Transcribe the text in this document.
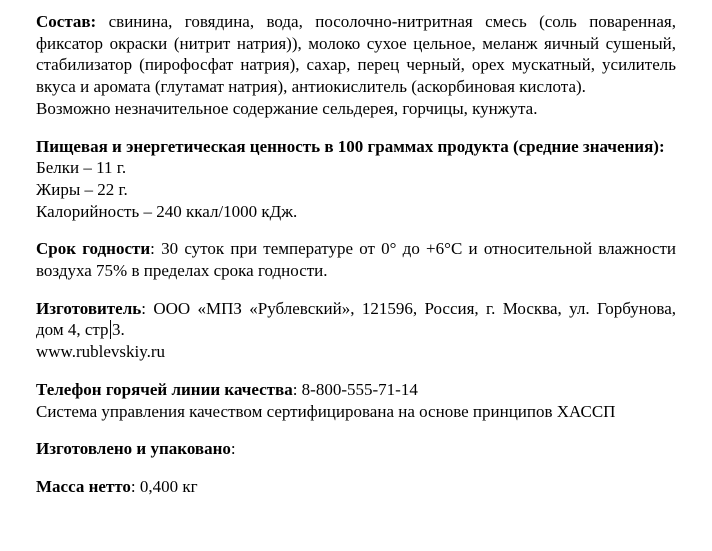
Состав: свинина, говядина, вода, посолочно-нитритная смесь (соль поваренная, фиксатор окраски (нитрит натрия)), молоко сухое цельное, меланж яичный сушеный, стабилизатор (пирофосфат натрия), сахар, перец черный, орех мускатный, усилитель вкуса и аромата (глутамат натрия), антиокислитель (аскорбиновая кислота).

Возможно незначительное содержание сельдерея, горчицы, кунжута.

Пищевая и энергетическая ценность в 100 граммах продукта (средние значения):

Белки – 11 г.

Жиры – 22 г.

Калорийность – 240 ккал/1000 кДж.

Срок годности: 30 суток при температуре от 0° до +6°С и относительной влажности воздуха 75% в пределах срока годности.

Изготовитель: ООО «МПЗ «Рублевский», 121596, Россия, г. Москва, ул. Горбунова, дом 4, стр 3.

www.rublevskiy.ru

Телефон горячей линии качества: 8-800-555-71-14

Система управления качеством сертифицирована на основе принципов ХАССП

Изготовлено и упаковано:

Масса нетто: 0,400 кг
